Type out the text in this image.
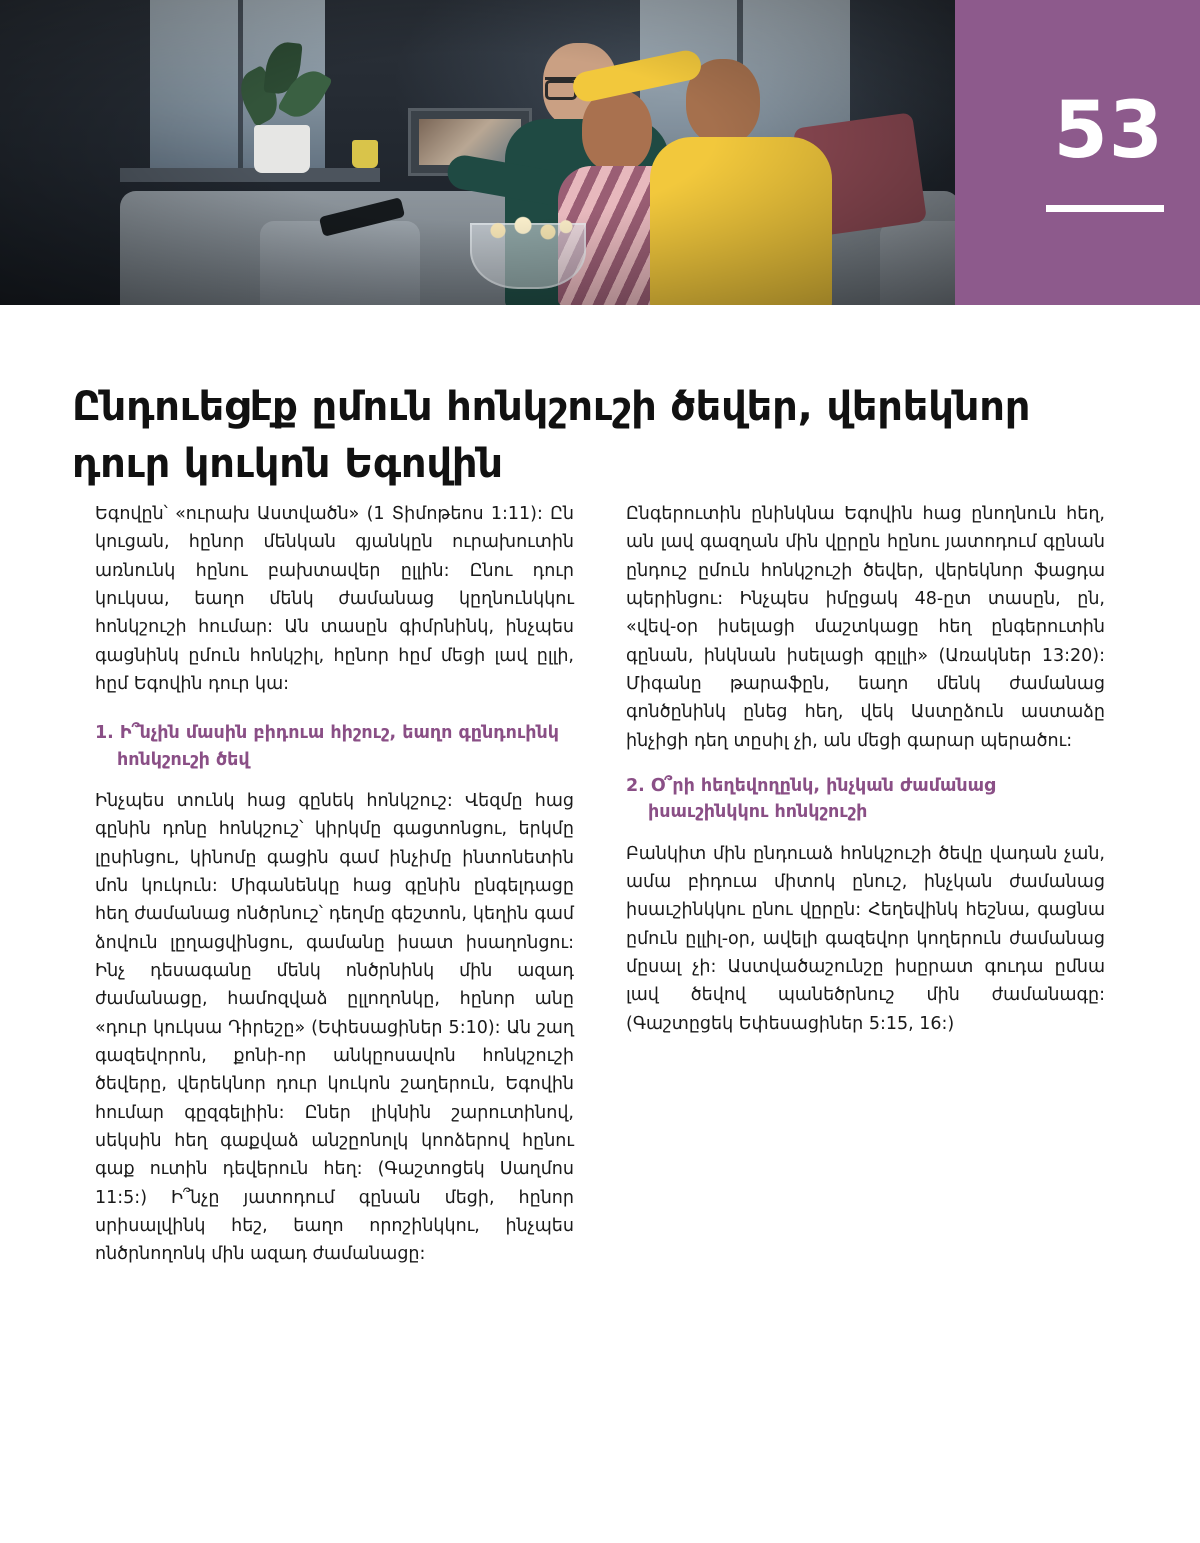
53
Ընդուեցէք ըմուն հոնկշուշի ծեվեր, վերեկնոր դուր կուկոն Եգովին

Եգովըն՝ «ուրախ Աստվածն» (1 Տիմոթեոս 1:11): Ըն կուցան, հընոր մենկան գյանկըն ուրախուտին առնունկ հընու բախտավեր ըլլին: Ընու դուր կուկսա, եաղո մենկ ժամանաց կըղնունկկու հոնկշուշի հումար: Ան տասըն գիմրնինկ, ինչպես գացնինկ ըմուն հոնկշիլ, հընոր հըմ մեցի լավ ըլլի, հըմ Եգովին դուր կա:

1. Ի՞նչին մասին բիդուա հիշուշ, եաղո գընդուինկ հոնկշուշի ծեվ

Ինչպես տունկ հաց գընեկ հոնկշուշ: Վեզմը հաց գընին դոնը հոնկշուշ՝ կիրկմը գացտոնցու, երկմը լըսինցու, կինոմը գացին գամ ինչիմը ինտոնետին մոն կուկուն: Միգանենկը հաց գընին ընգելդացը հեղ ժամանաց ոնծրնուշ՝ դեղմը գեշտոն, կեղին գամ ձովուն լըղացվինցու, գամանը իսատ իսաղոնցու: Ինչ դեսագանը մենկ ոնծրնինկ մին ազադ ժամանացը, համոզվաձ ըլլողոնկը, հընոր անը «դուր կուկսա Դիրեշը» (Եփեսացիներ 5:10): Ան շաղ գազեվորոն, քոնի-որ անկըոսավոն հոնկշուշի ծեվերը, վերեկնոր դուր կուկոն շաղերուն, Եգովին հումար գըզգելիին: Ըներ լիկնին շարուտինով, սեկսին հեղ գաքվաձ անշըոնոլկ կոոձերով հընու գաք ուտին դեվերուն հեղ: (Գաշտոցեկ Սաղմոս 11:5:) Ի՞նչը յատոդում գընան մեցի, հընոր սրիսալվինկ հեշ, եաղո որոշինկկու, ինչպես ոնծրնողոնկ մին ազադ ժամանացը:

Ընգերուտին ընինկնա Եգովին հաց ընողնուն հեղ, ան լավ գազղան մին վըրըն հընու յատոդում գընան ընդուշ ըմուն հոնկշուշի ծեվեր, վերեկնոր ֆացդա պերինցու: Ինչպես իմըցակ 48-ըտ տասըն, ըն, «վեվ-օր իսելացի մաշտկացը հեղ ընգերուտին գընան, ինկնան իսելացի գըլլի» (Առակներ 13:20): Միգանը թարաֆըն, եաղո մենկ ժամանաց գոնծընինկ ընեց հեղ, վեկ Աստըձուն աստաձը ինչիցի դեղ տըսիլ չի, ան մեցի գարար պերածու:

2. Օ՞րի հեղեվողընկ, ինչկան ժամանաց իսաւշինկկու հոնկշուշի

Բանկիտ մին ընդուաձ հոնկշուշի ծեվը վադան չան, ամա բիդուա միտոկ ընուշ, ինչկան ժամանաց իսաւշինկկու ընու վըրըն: Հեղեվինկ հեշնա, գացնա ըմուն ըլլիլ-օր, ավելի գազեվոր կողերուն ժամանաց մըսալ չի: Աստվածաշունշը իսըրատ գուդա ըմնա լավ ծեվով պանեծրնուշ մին ժամանագը: (Գաշտըցեկ Եփեսացիներ 5:15, 16:)
